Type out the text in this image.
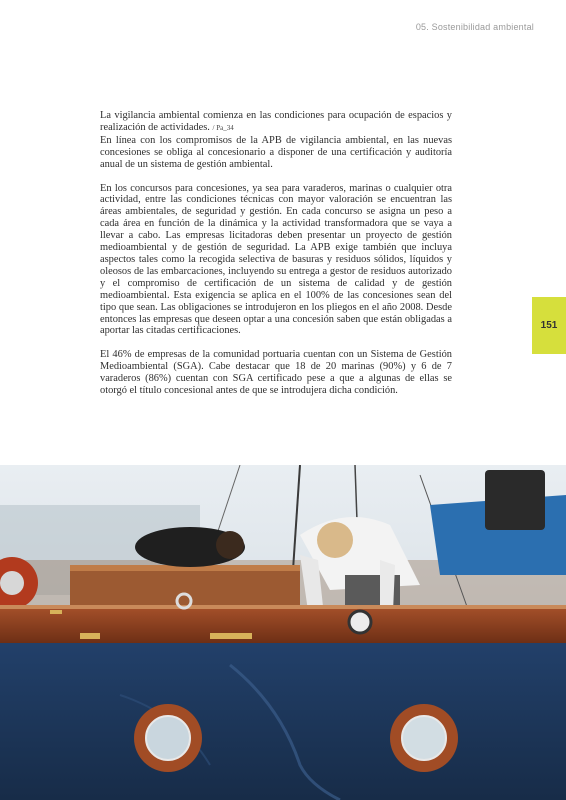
05. Sostenibilidad ambiental

La vigilancia ambiental comienza en las condiciones para ocupación de espacios y realización de actividades. / Pa_34
En línea con los compromisos de la APB de vigilancia ambiental, en las nuevas concesiones se obliga al concesionario a disponer de una certificación y auditoría anual de un sistema de gestión ambiental.

En los concursos para concesiones, ya sea para varaderos, marinas o cualquier otra actividad, entre las condiciones técnicas con mayor valoración se encuentran las áreas ambientales, de seguridad y gestión. En cada concurso se asigna un peso a cada área en función de la dinámica y la actividad transformadora que se vaya a llevar a cabo. Las empresas licitadoras deben presentar un proyecto de gestión medioambiental y de gestión de seguridad. La APB exige también que incluya aspectos tales como la recogida selectiva de basuras y residuos sólidos, líquidos y oleosos de las embarcaciones, incluyendo su entrega a gestor de residuos autorizado y el compromiso de certificación de un sistema de calidad y de gestión medioambiental. Esta exigencia se aplica en el 100% de las concesiones sean del tipo que sean. Las obligaciones se introdujeron en los pliegos en el año 2008. Desde entonces las empresas que deseen optar a una concesión saben que están obligadas a aportar las citadas certificaciones.

El 46% de empresas de la comunidad portuaria cuentan con un Sistema de Gestión Medioambiental (SGA). Cabe destacar que 18 de 20 marinas (90%) y 6 de 7 varaderos (86%) cuentan con SGA certificado pese a que a algunas de ellas se otorgó el título concesional antes de que se introdujera dicha condición.

151
